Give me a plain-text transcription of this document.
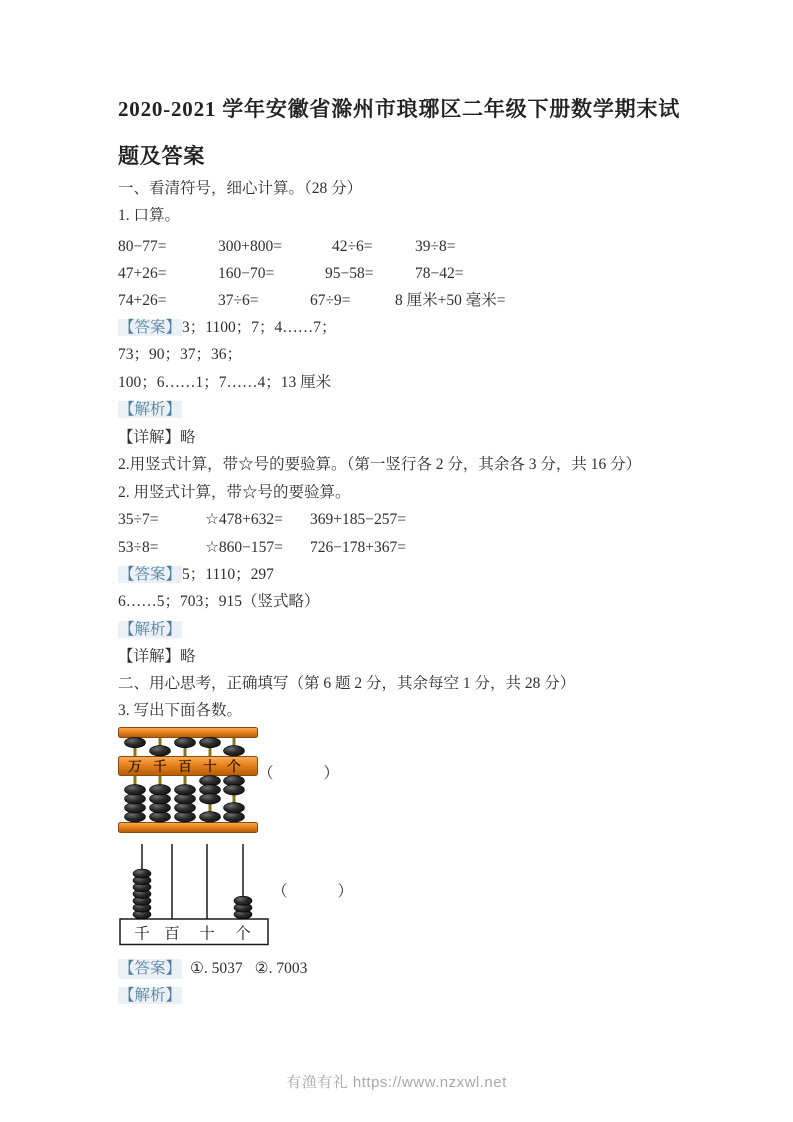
2020-2021 学年安徽省滁州市琅琊区二年级下册数学期末试
题及答案
一、看清符号，细心计算。（28 分）
1. 口算。
80−77=	300+800=	42÷6=	39÷8=
47+26=	160−70=	95−58=	78−42=
74+26=	37÷6=	67÷9=	8 厘米+50 毫米=
【答案】3；1100；7；4……7；
73；90；37；36；
100；6……1；7……4；13 厘米
【解析】
【详解】略
2.用竖式计算，带☆号的要验算。（第一竖行各 2 分，其余各 3 分，共 16 分）
2. 用竖式计算，带☆号的要验算。
35÷7=	☆478+632=	369+185−257=
53÷8=	☆860−157=	726−178+367=
【答案】5；1110；297
6……5；703；915（竖式略）
【解析】
【详解】略
二、用心思考，正确填写（第 6 题 2 分，其余每空 1 分，共 28 分）
3. 写出下面各数。
万 千 百 十 个 （	）
千 百 十 个
（	）
【答案】 ①. 5037 ②. 7003
【解析】
有渔有礼 https://www.nzxwl.net
